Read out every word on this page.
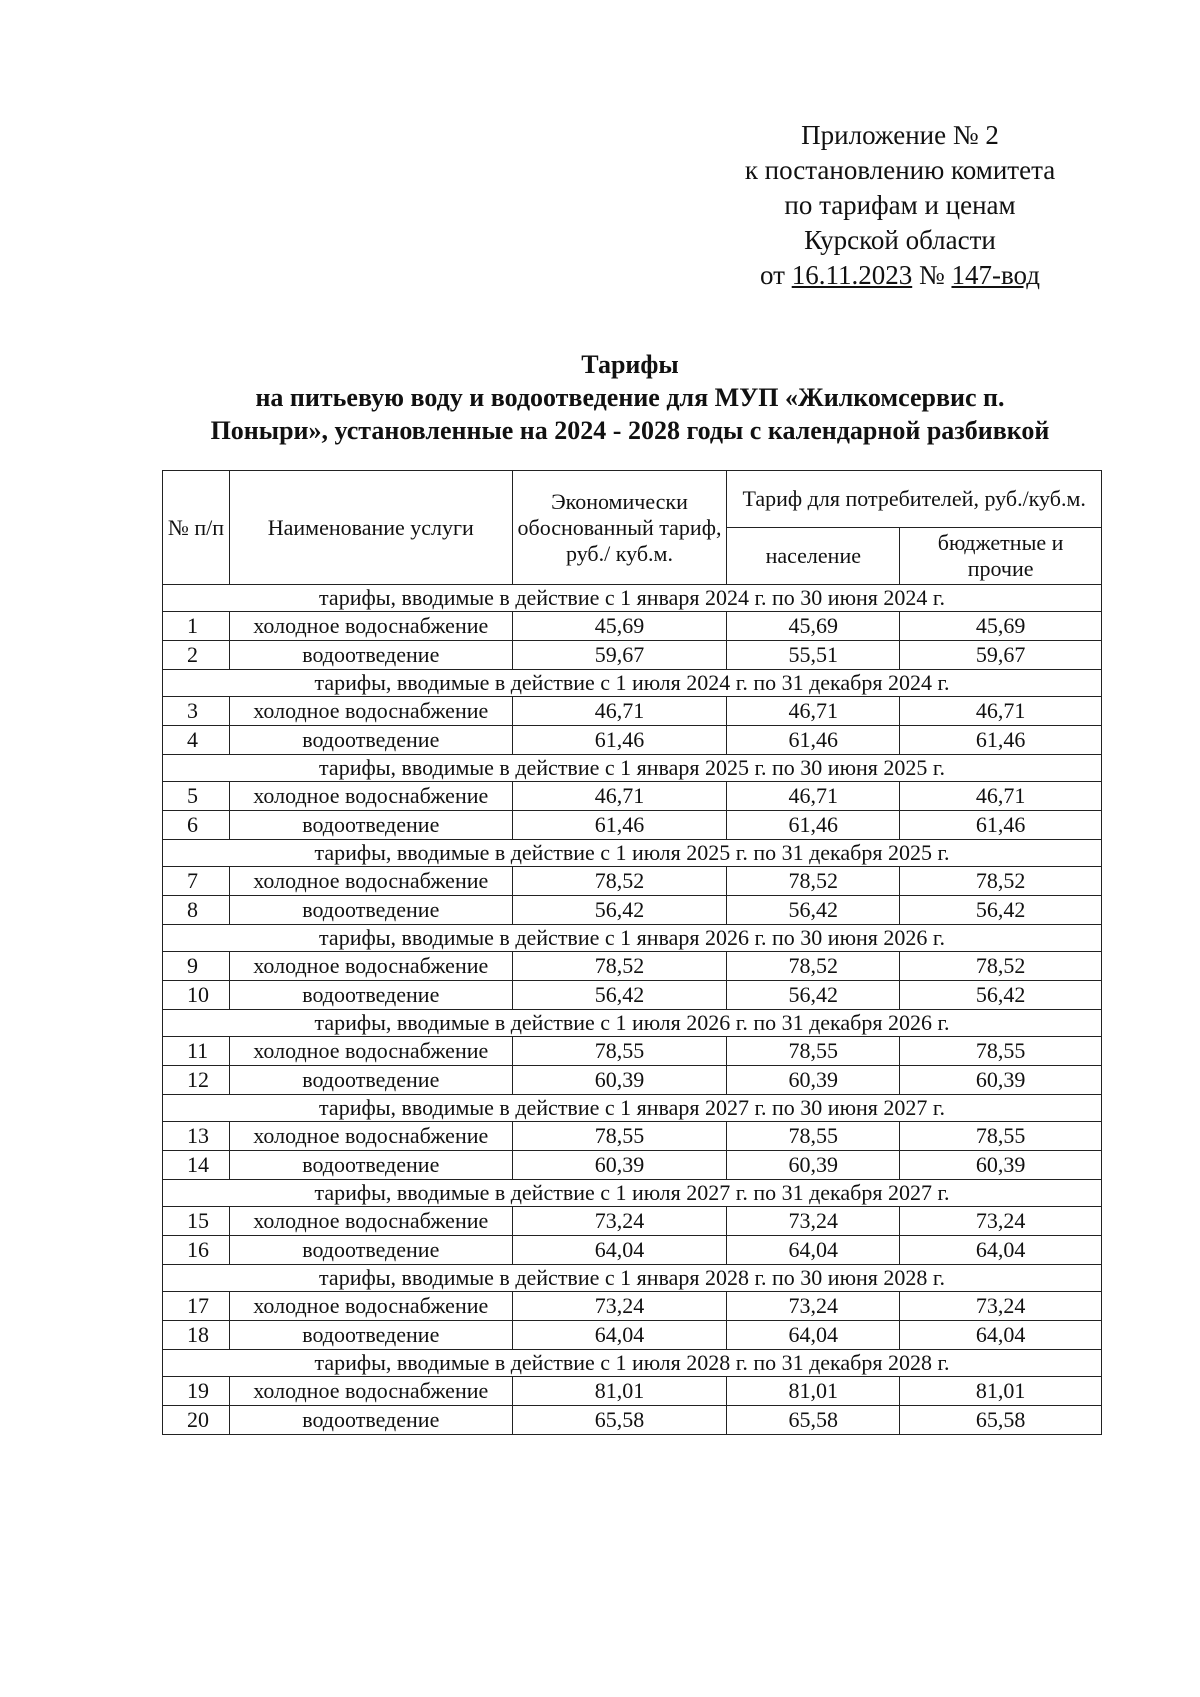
Приложение № 2
к постановлению комитета
по тарифам и ценам
Курской области
от 16.11.2023 № 147-вод
Тарифы
на питьевую воду и водоотведение для МУП «Жилкомсервис п.
Поныри», установленные на 2024 - 2028 годы с календарной разбивкой
№ п/п	Наименование услуги	Экономически обоснованный тариф, руб./ куб.м.	Тариф для потребителей, руб./куб.м.	
			население	бюджетные и прочие
тарифы, вводимые в действие с 1 января 2024 г. по 30 июня 2024 г.				
1	холодное водоснабжение	45,69	45,69	45,69
2	водоотведение	59,67	55,51	59,67
тарифы, вводимые в действие с 1 июля 2024 г. по 31 декабря 2024 г.				
3	холодное водоснабжение	46,71	46,71	46,71
4	водоотведение	61,46	61,46	61,46
тарифы, вводимые в действие с 1 января 2025 г. по 30 июня 2025 г.				
5	холодное водоснабжение	46,71	46,71	46,71
6	водоотведение	61,46	61,46	61,46
тарифы, вводимые в действие с 1 июля 2025 г. по 31 декабря 2025 г.				
7	холодное водоснабжение	78,52	78,52	78,52
8	водоотведение	56,42	56,42	56,42
тарифы, вводимые в действие с 1 января 2026 г. по 30 июня 2026 г.				
9	холодное водоснабжение	78,52	78,52	78,52
10	водоотведение	56,42	56,42	56,42
тарифы, вводимые в действие с 1 июля 2026 г. по 31 декабря 2026 г.				
11	холодное водоснабжение	78,55	78,55	78,55
12	водоотведение	60,39	60,39	60,39
тарифы, вводимые в действие с 1 января 2027 г. по 30 июня 2027 г.				
13	холодное водоснабжение	78,55	78,55	78,55
14	водоотведение	60,39	60,39	60,39
тарифы, вводимые в действие с 1 июля 2027 г. по 31 декабря 2027 г.				
15	холодное водоснабжение	73,24	73,24	73,24
16	водоотведение	64,04	64,04	64,04
тарифы, вводимые в действие с 1 января 2028 г. по 30 июня 2028 г.				
17	холодное водоснабжение	73,24	73,24	73,24
18	водоотведение	64,04	64,04	64,04
тарифы, вводимые в действие с 1 июля 2028 г. по 31 декабря 2028 г.				
19	холодное водоснабжение	81,01	81,01	81,01
20	водоотведение	65,58	65,58	65,58
